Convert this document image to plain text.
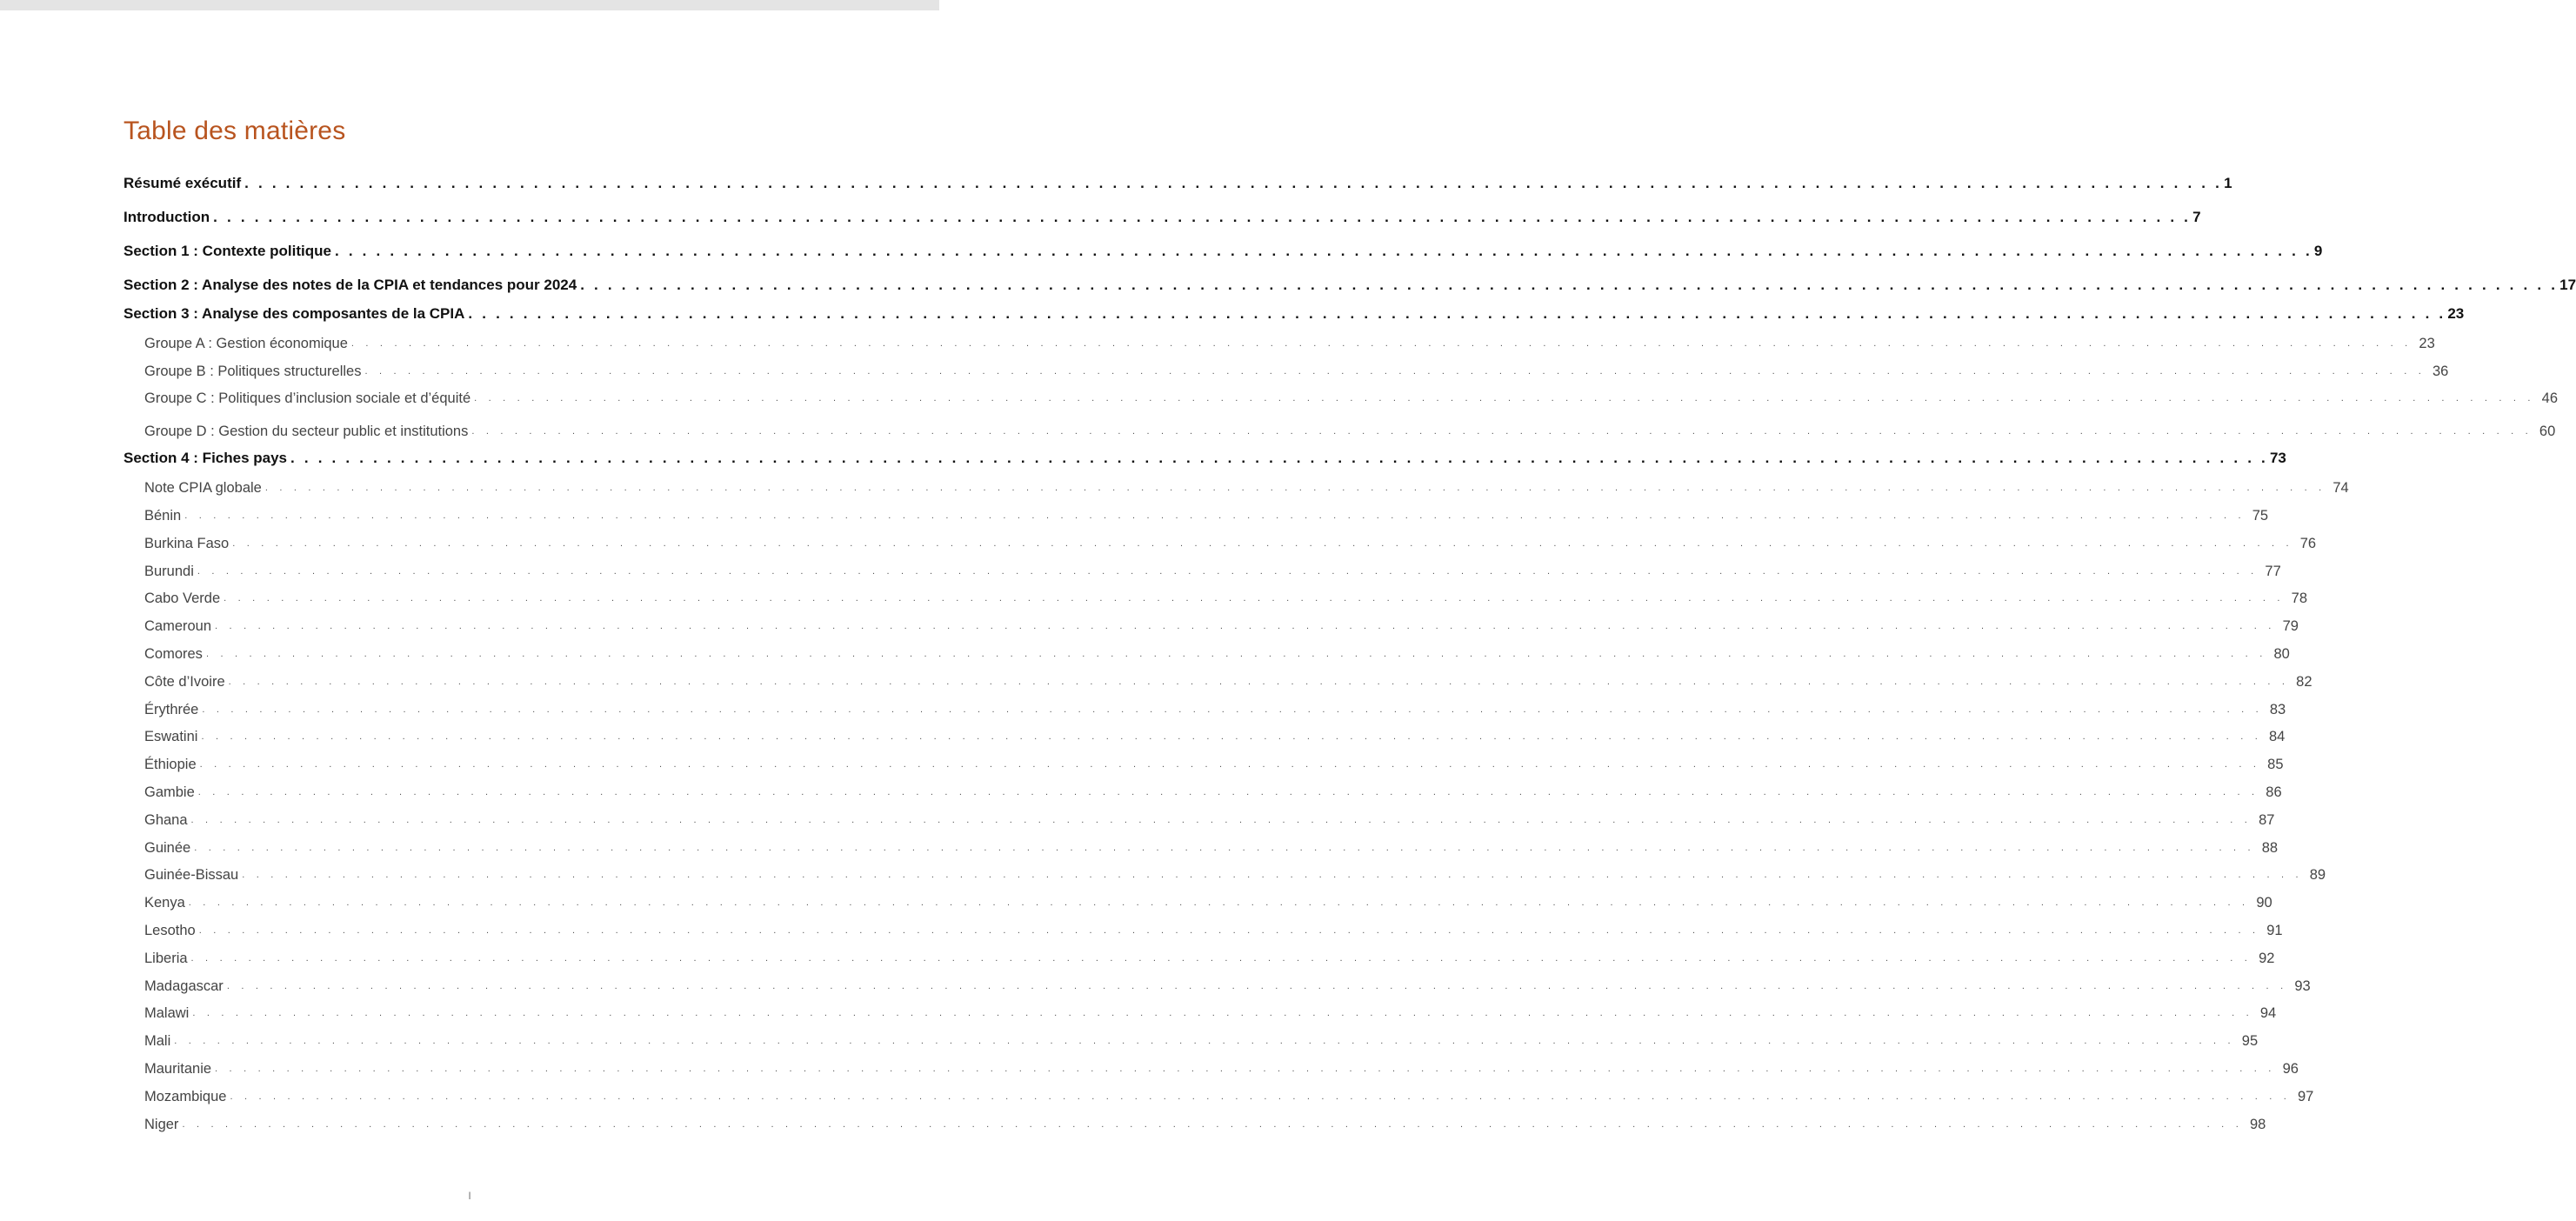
Table des matières
Résumé exécutif . . . . . . . . . . . . . . . . . . . . . . . . . . . . . . . . . . . . . . . . . . . . . . . . . . . . . . . . . . . . . . . . . . . . . . . . . . . . . . . . . . . . . . . . . . . . . . . . . . . . . . . . . . . . . . . . . . . . . . . . . . . . . . . . . . . . . . . . . . . . . . . . 1
Introduction . . . . . . . . . . . . . . . . . . . . . . . . . . . . . . . . . . . . . . . . . . . . . . . . . . . . . . . . . . . . . . . . . . . . . . . . . . . . . . . . . . . . . . . . . . . . . . . . . . . . . . . . . . . . . . . . . . . . . . . . . . . . . . . . . . . . . . . . . . . . . . . . 7
Section 1 : Contexte politique . . . . . . . . . . . . . . . . . . . . . . . . . . . . . . . . . . . . . . . . . . . . . . . . . . . . . . . . . . . . . . . . . . . . . . . . . . . . . . . . . . . . . . . . . . . . . . . . . . . . . . . . . . . . . . . . . . . . . . . . . . . . . . . . . . . . . . . . . . . . . . . . 9
Section 2 : Analyse des notes de la CPIA et tendances pour 2024 . . . . . . . . . . . . . . . . . . . . . . . . . . . . . . . . . . . . . . . . . . . . . . . . . . . . . . . . . . . . . . . . . . . . . . . . . . . . . . . . . . . . . . . . . . . . . . . . . . . . . . . . . . . . . . . . . . . . . . . . . . . . . . . . . . . . . . . . . . . . . . . . 17
Section 3 : Analyse des composantes de la CPIA . . . . . . . . . . . . . . . . . . . . . . . . . . . . . . . . . . . . . . . . . . . . . . . . . . . . . . . . . . . . . . . . . . . . . . . . . . . . . . . . . . . . . . . . . . . . . . . . . . . . . . . . . . . . . . . . . . . . . . . . . . . . . . . . . . . . . . . . . . . . . . . . 23
Groupe A : Gestion économique . . . . . . . . . . . . . . . . . . . . . . . . . . . . . . . . . . . . . . . . . . . . . . . . . . . . . . . . . . . . . . . . . . . . . . . . . . . . . . . . . . . . . . . . . . . . . . . . . . . . . . . . . . . . . . . . . . . . . . . . . . . . . . . . . . . . . . . . . . . . . . . . 23
Groupe B : Politiques structurelles . . . . . . . . . . . . . . . . . . . . . . . . . . . . . . . . . . . . . . . . . . . . . . . . . . . . . . . . . . . . . . . . . . . . . . . . . . . . . . . . . . . . . . . . . . . . . . . . . . . . . . . . . . . . . . . . . . . . . . . . . . . . . . . . . . . . . . . . . . . . . . . . 36
Groupe C : Politiques d’inclusion sociale et d’équité . . . . . . . . . . . . . . . . . . . . . . . . . . . . . . . . . . . . . . . . . . . . . . . . . . . . . . . . . . . . . . . . . . . . . . . . . . . . . . . . . . . . . . . . . . . . . . . . . . . . . . . . . . . . . . . . . . . . . . . . . . . . . . . . . . . . . . . . . . . . . . . . 46
Groupe D : Gestion du secteur public et institutions . . . . . . . . . . . . . . . . . . . . . . . . . . . . . . . . . . . . . . . . . . . . . . . . . . . . . . . . . . . . . . . . . . . . . . . . . . . . . . . . . . . . . . . . . . . . . . . . . . . . . . . . . . . . . . . . . . . . . . . . . . . . . . . . . . . . . . . . . . . . . . . . 60
Section 4 : Fiches pays . . . . . . . . . . . . . . . . . . . . . . . . . . . . . . . . . . . . . . . . . . . . . . . . . . . . . . . . . . . . . . . . . . . . . . . . . . . . . . . . . . . . . . . . . . . . . . . . . . . . . . . . . . . . . . . . . . . . . . . . . . . . . . . . . . . . . . . . . . . . . . . . 73
Note CPIA globale . . . . . . . . . . . . . . . . . . . . . . . . . . . . . . . . . . . . . . . . . . . . . . . . . . . . . . . . . . . . . . . . . . . . . . . . . . . . . . . . . . . . . . . . . . . . . . . . . . . . . . . . . . . . . . . . . . . . . . . . . . . . . . . . . . . . . . . . . . . . . . . . 74
Bénin . . . . . . . . . . . . . . . . . . . . . . . . . . . . . . . . . . . . . . . . . . . . . . . . . . . . . . . . . . . . . . . . . . . . . . . . . . . . . . . . . . . . . . . . . . . . . . . . . . . . . . . . . . . . . . . . . . . . . . . . . . . . . . . . . . . . . . . . . . . . . . . . 75
Burkina Faso . . . . . . . . . . . . . . . . . . . . . . . . . . . . . . . . . . . . . . . . . . . . . . . . . . . . . . . . . . . . . . . . . . . . . . . . . . . . . . . . . . . . . . . . . . . . . . . . . . . . . . . . . . . . . . . . . . . . . . . . . . . . . . . . . . . . . . . . . . . . . . . . 76
Burundi . . . . . . . . . . . . . . . . . . . . . . . . . . . . . . . . . . . . . . . . . . . . . . . . . . . . . . . . . . . . . . . . . . . . . . . . . . . . . . . . . . . . . . . . . . . . . . . . . . . . . . . . . . . . . . . . . . . . . . . . . . . . . . . . . . . . . . . . . . . . . . . . 77
Cabo Verde . . . . . . . . . . . . . . . . . . . . . . . . . . . . . . . . . . . . . . . . . . . . . . . . . . . . . . . . . . . . . . . . . . . . . . . . . . . . . . . . . . . . . . . . . . . . . . . . . . . . . . . . . . . . . . . . . . . . . . . . . . . . . . . . . . . . . . . . . . . . . . . . 78
Cameroun . . . . . . . . . . . . . . . . . . . . . . . . . . . . . . . . . . . . . . . . . . . . . . . . . . . . . . . . . . . . . . . . . . . . . . . . . . . . . . . . . . . . . . . . . . . . . . . . . . . . . . . . . . . . . . . . . . . . . . . . . . . . . . . . . . . . . . . . . . . . . . . . 79
Comores . . . . . . . . . . . . . . . . . . . . . . . . . . . . . . . . . . . . . . . . . . . . . . . . . . . . . . . . . . . . . . . . . . . . . . . . . . . . . . . . . . . . . . . . . . . . . . . . . . . . . . . . . . . . . . . . . . . . . . . . . . . . . . . . . . . . . . . . . . . . . . . . 80
Côte d’Ivoire . . . . . . . . . . . . . . . . . . . . . . . . . . . . . . . . . . . . . . . . . . . . . . . . . . . . . . . . . . . . . . . . . . . . . . . . . . . . . . . . . . . . . . . . . . . . . . . . . . . . . . . . . . . . . . . . . . . . . . . . . . . . . . . . . . . . . . . . . . . . . . . . 82
Érythrée . . . . . . . . . . . . . . . . . . . . . . . . . . . . . . . . . . . . . . . . . . . . . . . . . . . . . . . . . . . . . . . . . . . . . . . . . . . . . . . . . . . . . . . . . . . . . . . . . . . . . . . . . . . . . . . . . . . . . . . . . . . . . . . . . . . . . . . . . . . . . . . . 83
Eswatini . . . . . . . . . . . . . . . . . . . . . . . . . . . . . . . . . . . . . . . . . . . . . . . . . . . . . . . . . . . . . . . . . . . . . . . . . . . . . . . . . . . . . . . . . . . . . . . . . . . . . . . . . . . . . . . . . . . . . . . . . . . . . . . . . . . . . . . . . . . . . . . . 84
Éthiopie . . . . . . . . . . . . . . . . . . . . . . . . . . . . . . . . . . . . . . . . . . . . . . . . . . . . . . . . . . . . . . . . . . . . . . . . . . . . . . . . . . . . . . . . . . . . . . . . . . . . . . . . . . . . . . . . . . . . . . . . . . . . . . . . . . . . . . . . . . . . . . . . 85
Gambie . . . . . . . . . . . . . . . . . . . . . . . . . . . . . . . . . . . . . . . . . . . . . . . . . . . . . . . . . . . . . . . . . . . . . . . . . . . . . . . . . . . . . . . . . . . . . . . . . . . . . . . . . . . . . . . . . . . . . . . . . . . . . . . . . . . . . . . . . . . . . . . . 86
Ghana . . . . . . . . . . . . . . . . . . . . . . . . . . . . . . . . . . . . . . . . . . . . . . . . . . . . . . . . . . . . . . . . . . . . . . . . . . . . . . . . . . . . . . . . . . . . . . . . . . . . . . . . . . . . . . . . . . . . . . . . . . . . . . . . . . . . . . . . . . . . . . . . 87
Guinée . . . . . . . . . . . . . . . . . . . . . . . . . . . . . . . . . . . . . . . . . . . . . . . . . . . . . . . . . . . . . . . . . . . . . . . . . . . . . . . . . . . . . . . . . . . . . . . . . . . . . . . . . . . . . . . . . . . . . . . . . . . . . . . . . . . . . . . . . . . . . . . . 88
Guinée-Bissau . . . . . . . . . . . . . . . . . . . . . . . . . . . . . . . . . . . . . . . . . . . . . . . . . . . . . . . . . . . . . . . . . . . . . . . . . . . . . . . . . . . . . . . . . . . . . . . . . . . . . . . . . . . . . . . . . . . . . . . . . . . . . . . . . . . . . . . . . . . . . . . . 89
Kenya . . . . . . . . . . . . . . . . . . . . . . . . . . . . . . . . . . . . . . . . . . . . . . . . . . . . . . . . . . . . . . . . . . . . . . . . . . . . . . . . . . . . . . . . . . . . . . . . . . . . . . . . . . . . . . . . . . . . . . . . . . . . . . . . . . . . . . . . . . . . . . . . 90
Lesotho . . . . . . . . . . . . . . . . . . . . . . . . . . . . . . . . . . . . . . . . . . . . . . . . . . . . . . . . . . . . . . . . . . . . . . . . . . . . . . . . . . . . . . . . . . . . . . . . . . . . . . . . . . . . . . . . . . . . . . . . . . . . . . . . . . . . . . . . . . . . . . . . 91
Liberia . . . . . . . . . . . . . . . . . . . . . . . . . . . . . . . . . . . . . . . . . . . . . . . . . . . . . . . . . . . . . . . . . . . . . . . . . . . . . . . . . . . . . . . . . . . . . . . . . . . . . . . . . . . . . . . . . . . . . . . . . . . . . . . . . . . . . . . . . . . . . . . . 92
Madagascar . . . . . . . . . . . . . . . . . . . . . . . . . . . . . . . . . . . . . . . . . . . . . . . . . . . . . . . . . . . . . . . . . . . . . . . . . . . . . . . . . . . . . . . . . . . . . . . . . . . . . . . . . . . . . . . . . . . . . . . . . . . . . . . . . . . . . . . . . . . . . . . . 93
Malawi . . . . . . . . . . . . . . . . . . . . . . . . . . . . . . . . . . . . . . . . . . . . . . . . . . . . . . . . . . . . . . . . . . . . . . . . . . . . . . . . . . . . . . . . . . . . . . . . . . . . . . . . . . . . . . . . . . . . . . . . . . . . . . . . . . . . . . . . . . . . . . . . 94
Mali . . . . . . . . . . . . . . . . . . . . . . . . . . . . . . . . . . . . . . . . . . . . . . . . . . . . . . . . . . . . . . . . . . . . . . . . . . . . . . . . . . . . . . . . . . . . . . . . . . . . . . . . . . . . . . . . . . . . . . . . . . . . . . . . . . . . . . . . . . . . . . . . 95
Mauritanie . . . . . . . . . . . . . . . . . . . . . . . . . . . . . . . . . . . . . . . . . . . . . . . . . . . . . . . . . . . . . . . . . . . . . . . . . . . . . . . . . . . . . . . . . . . . . . . . . . . . . . . . . . . . . . . . . . . . . . . . . . . . . . . . . . . . . . . . . . . . . . . . 96
Mozambique . . . . . . . . . . . . . . . . . . . . . . . . . . . . . . . . . . . . . . . . . . . . . . . . . . . . . . . . . . . . . . . . . . . . . . . . . . . . . . . . . . . . . . . . . . . . . . . . . . . . . . . . . . . . . . . . . . . . . . . . . . . . . . . . . . . . . . . . . . . . . . . . 97
Niger . . . . . . . . . . . . . . . . . . . . . . . . . . . . . . . . . . . . . . . . . . . . . . . . . . . . . . . . . . . . . . . . . . . . . . . . . . . . . . . . . . . . . . . . . . . . . . . . . . . . . . . . . . . . . . . . . . . . . . . . . . . . . . . . . . . . . . . . . . . . . . . . 98
I
